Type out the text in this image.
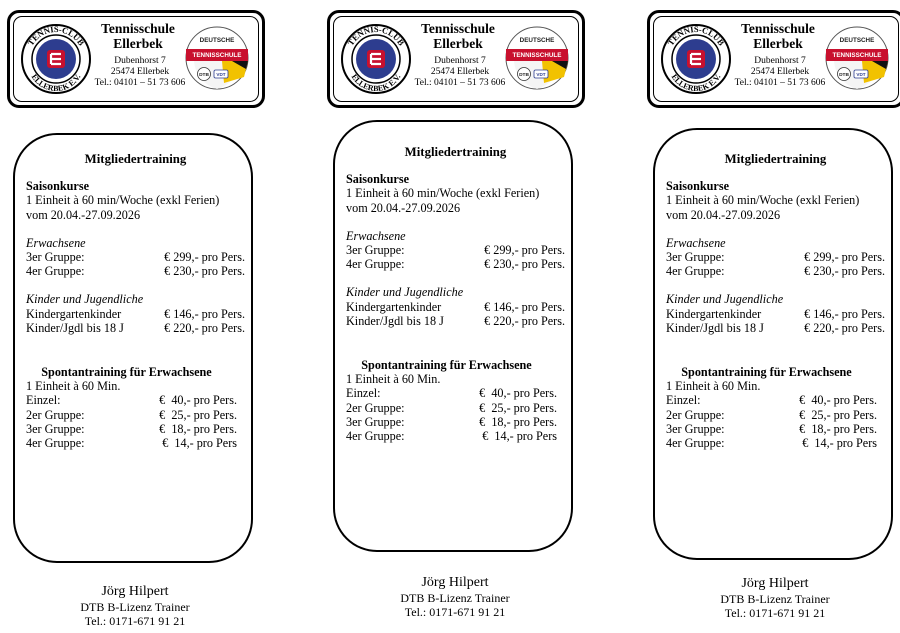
TENNIS-CLUB
ELLERBEK E.V.
Tennisschule
Ellerbek
Dubenhorst 7
25474 Ellerbek
Tel.: 04101 – 51 73 606
DEUTSCHE
TENNISSCHULE
DTB VDT
Mitgliedertraining
Saisonkurse
1 Einheit à 60 min/Woche (exkl Ferien)
vom 20.04.-27.09.2026
Erwachsene
3er Gruppe:	€ 299,- pro Pers.
4er Gruppe:	€ 230,- pro Pers.
Kinder und Jugendliche
Kindergartenkinder	€ 146,- pro Pers.
Kinder/Jgdl bis 18 J	€ 220,- pro Pers.
Spontantraining für Erwachsene
1 Einheit à 60 Min.
Einzel:	€  40,- pro Pers.
2er Gruppe:	€  25,- pro Pers.
3er Gruppe:	€  18,- pro Pers.
4er Gruppe:	€  14,- pro Pers
Jörg Hilpert
DTB B-Lizenz Trainer
Tel.: 0171-671 91 21
TENNIS-CLUB
ELLERBEK E.V.
Tennisschule
Ellerbek
Dubenhorst 7
25474 Ellerbek
Tel.: 04101 – 51 73 606
DEUTSCHE
TENNISSCHULE
DTB VDT
Mitgliedertraining
Saisonkurse
1 Einheit à 60 min/Woche (exkl Ferien)
vom 20.04.-27.09.2026
Erwachsene
3er Gruppe:	€ 299,- pro Pers.
4er Gruppe:	€ 230,- pro Pers.
Kinder und Jugendliche
Kindergartenkinder	€ 146,- pro Pers.
Kinder/Jgdl bis 18 J	€ 220,- pro Pers.
Spontantraining für Erwachsene
1 Einheit à 60 Min.
Einzel:	€  40,- pro Pers.
2er Gruppe:	€  25,- pro Pers.
3er Gruppe:	€  18,- pro Pers.
4er Gruppe:	€  14,- pro Pers
Jörg Hilpert
DTB B-Lizenz Trainer
Tel.: 0171-671 91 21
TENNIS-CLUB
ELLERBEK E.V.
Tennisschule
Ellerbek
Dubenhorst 7
25474 Ellerbek
Tel.: 04101 – 51 73 606
DEUTSCHE
TENNISSCHULE
DTB VDT
Mitgliedertraining
Saisonkurse
1 Einheit à 60 min/Woche (exkl Ferien)
vom 20.04.-27.09.2026
Erwachsene
3er Gruppe:	€ 299,- pro Pers.
4er Gruppe:	€ 230,- pro Pers.
Kinder und Jugendliche
Kindergartenkinder	€ 146,- pro Pers.
Kinder/Jgdl bis 18 J	€ 220,- pro Pers.
Spontantraining für Erwachsene
1 Einheit à 60 Min.
Einzel:	€  40,- pro Pers.
2er Gruppe:	€  25,- pro Pers.
3er Gruppe:	€  18,- pro Pers.
4er Gruppe:	€  14,- pro Pers
Jörg Hilpert
DTB B-Lizenz Trainer
Tel.: 0171-671 91 21
